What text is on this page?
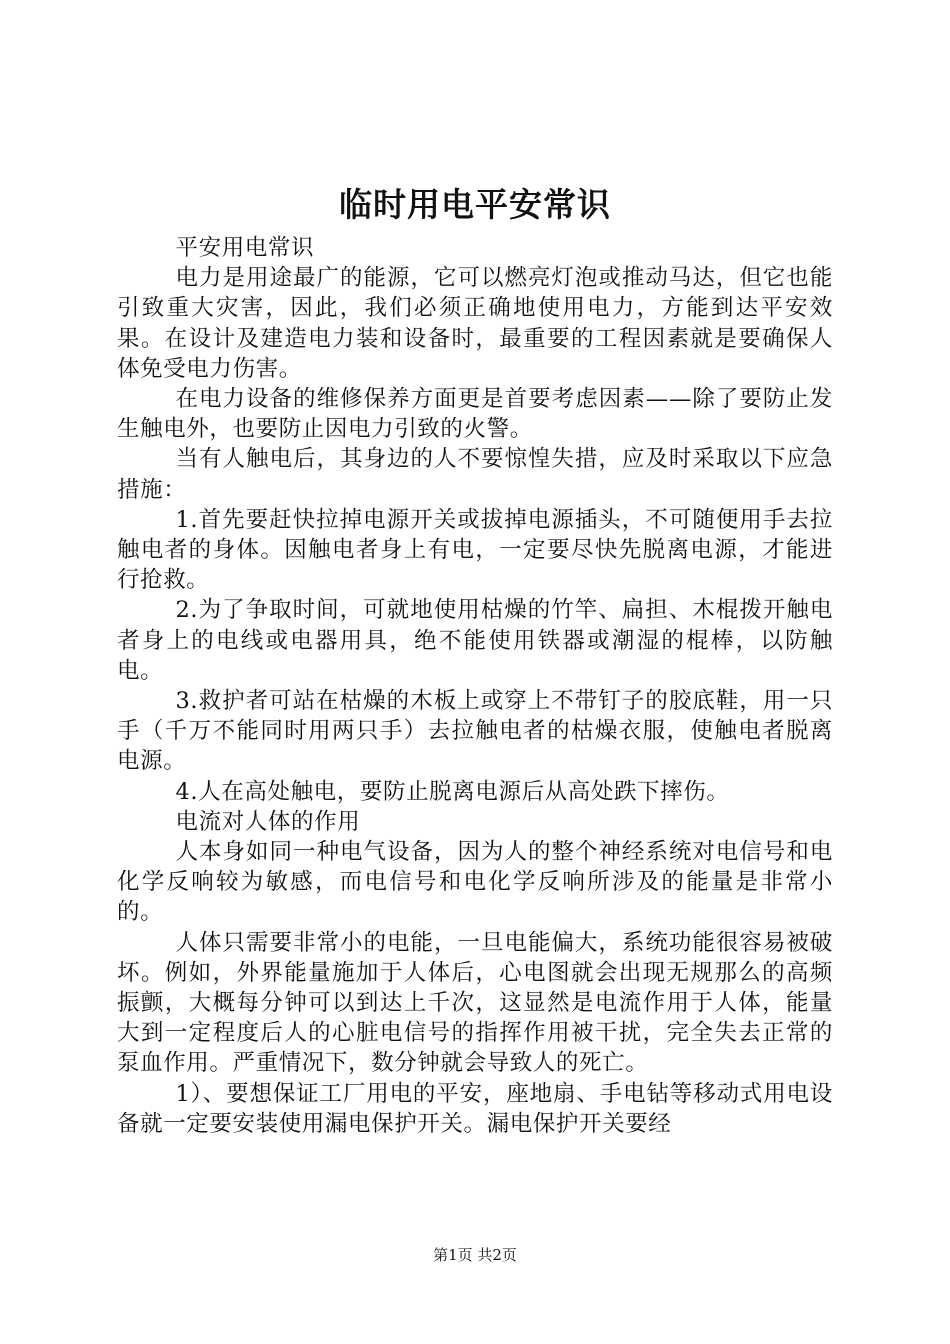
临时用电平安常识

平安用电常识

电力是用途最广的能源，它可以燃亮灯泡或推动马达，但它也能引致重大灾害，因此，我们必须正确地使用电力，方能到达平安效果。在设计及建造电力装和设备时，最重要的工程因素就是要确保人体免受电力伤害。

在电力设备的维修保养方面更是首要考虑因素——除了要防止发生触电外，也要防止因电力引致的火警。

当有人触电后，其身边的人不要惊惶失措，应及时采取以下应急措施：

1.首先要赶快拉掉电源开关或拔掉电源插头，不可随便用手去拉触电者的身体。因触电者身上有电，一定要尽快先脱离电源，才能进行抢救。

2.为了争取时间，可就地使用枯燥的竹竿、扁担、木棍拨开触电者身上的电线或电器用具，绝不能使用铁器或潮湿的棍棒，以防触电。

3.救护者可站在枯燥的木板上或穿上不带钉子的胶底鞋，用一只手（千万不能同时用两只手）去拉触电者的枯燥衣服，使触电者脱离电源。

4.人在高处触电，要防止脱离电源后从高处跌下摔伤。

电流对人体的作用

人本身如同一种电气设备，因为人的整个神经系统对电信号和电化学反响较为敏感，而电信号和电化学反响所涉及的能量是非常小的。

人体只需要非常小的电能，一旦电能偏大，系统功能很容易被破坏。例如，外界能量施加于人体后，心电图就会出现无规那么的高频振颤，大概每分钟可以到达上千次，这显然是电流作用于人体，能量大到一定程度后人的心脏电信号的指挥作用被干扰，完全失去正常的泵血作用。严重情况下，数分钟就会导致人的死亡。

1）、要想保证工厂用电的平安，座地扇、手电钻等移动式用电设备就一定要安装使用漏电保护开关。漏电保护开关要经

第1页 共2页
